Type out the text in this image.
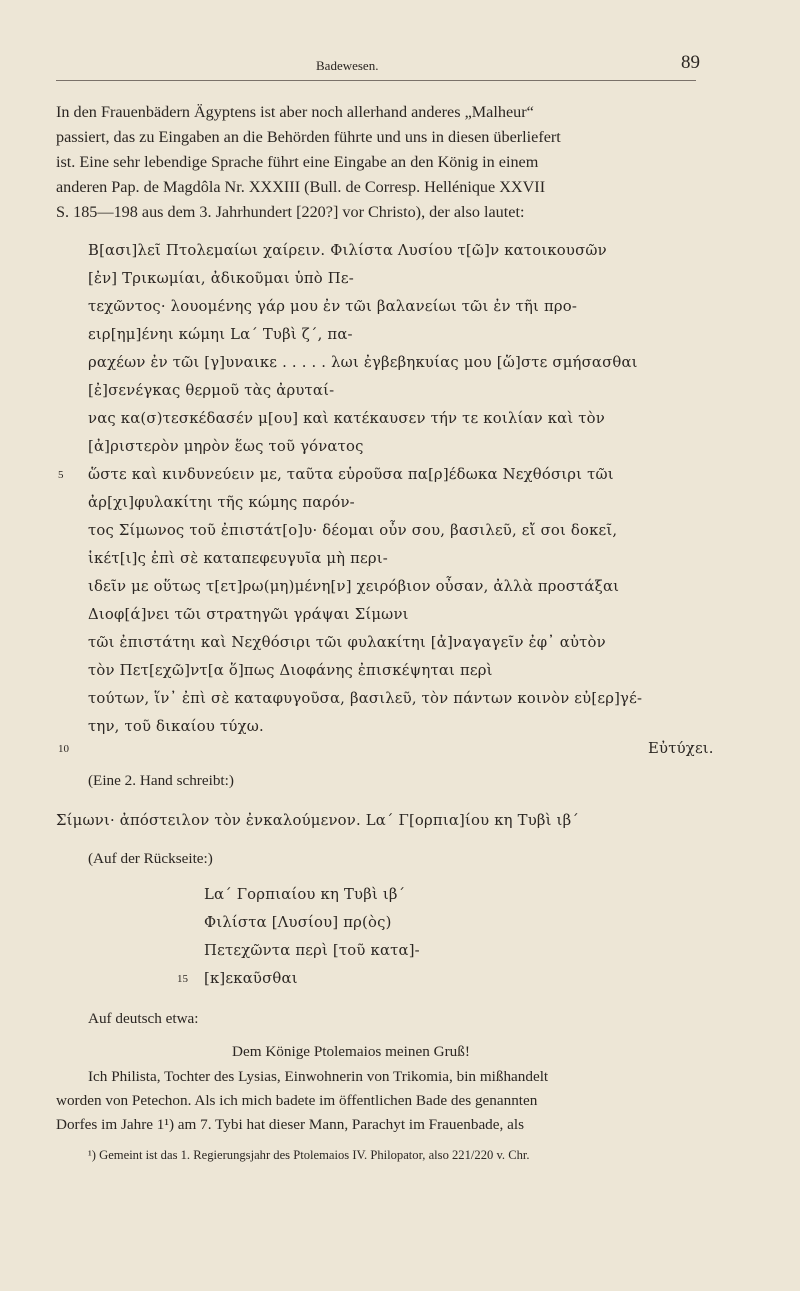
Badewesen.	89
In den Frauenbädern Ägyptens ist aber noch allerhand anderes „Malheur“
passiert, das zu Eingaben an die Behörden führte und uns in diesen überliefert
ist. Eine sehr lebendige Sprache führt eine Eingabe an den König in einem
anderen Pap. de Magdôla Nr. XXXIII (Bull. de Corresp. Hellénique XXVII
S. 185—198 aus dem 3. Jahrhundert [220?] vor Christo), der also lautet:
Β[ασι]λεῖ Πτολεμαίωι χαίρειν. Φιλίστα Λυσίου τ[ῶ]ν κατοικουσῶν
[ἐν] Τρικωμίαι, ἀδικοῦμαι ὑπὸ Πε-
τεχῶντος· λουομένης γάρ μου ἐν τῶι βαλανείωι τῶι ἐν τῆι προ-
ειρ[ημ]ένηι κώμηι Lα΄ Τυβὶ ζ΄, πα-
ραχέων ἐν τῶι [γ]υναικε . . . . . λωι ἐγβεβηκυίας μου [ὥ]στε σμήσασθαι
[ἐ]σενέγκας θερμοῦ τὰς ἀρυταί-
νας κα(σ)τεσκέδασέν μ[ου] καὶ κατέκαυσεν τήν τε κοιλίαν καὶ τὸν
[ἀ]ριστερὸν μηρὸν ἕως τοῦ γόνατος
5 ὥστε καὶ κινδυνεύειν με, ταῦτα εὑροῦσα πα[ρ]έδωκα Νεχθόσιρι τῶι
ἀρ[χι]φυλακίτηι τῆς κώμης παρόν-
τος Σίμωνος τοῦ ἐπιστάτ[ο]υ· δέομαι οὖν σου, βασιλεῦ, εἴ σοι δοκεῖ,
ἱκέτ[ι]ς ἐπὶ σὲ καταπεφευγυῖα μὴ περι-
ιδεῖν με οὕτως τ[ετ]ρω(μη)μένη[ν] χειρόβιον οὖσαν, ἀλλὰ προστάξαι
Διοφ[ά]νει τῶι στρατηγῶι γράψαι Σίμωνι
τῶι ἐπιστάτηι καὶ Νεχθόσιρι τῶι φυλακίτηι [ἀ]ναγαγεῖν ἐφ᾽ αὐτὸν
τὸν Πετ[εχῶ]ντ[α ὅ]πως Διοφάνης ἐπισκέψηται περὶ
τούτων, ἵν᾽ ἐπὶ σὲ καταφυγοῦσα, βασιλεῦ, τὸν πάντων κοινὸν εὐ[ερ]γέ-
την, τοῦ δικαίου τύχω.
10	Εὐτύχει.
(Eine 2. Hand schreibt:)
Σίμωνι· ἀπόστειλον τὸν ἐνκαλούμενον. Lα΄ Γ[ορπια]ίου κη Τυβὶ ιβ΄
(Auf der Rückseite:)
Lα΄ Γορπιαίου κη Τυβὶ ιβ΄
Φιλίστα [Λυσίου] πρ(ὸς)
Πετεχῶντα περὶ [τοῦ κατα]-
15 [κ]εκαῦσθαι
Auf deutsch etwa:
Dem Könige Ptolemaios meinen Gruß!
Ich Philista, Tochter des Lysias, Einwohnerin von Trikomia, bin mißhandelt
worden von Petechon. Als ich mich badete im öffentlichen Bade des genannten
Dorfes im Jahre 1¹) am 7. Tybi hat dieser Mann, Parachyt im Frauenbade, als
¹) Gemeint ist das 1. Regierungsjahr des Ptolemaios IV. Philopator, also 221/220 v. Chr.
